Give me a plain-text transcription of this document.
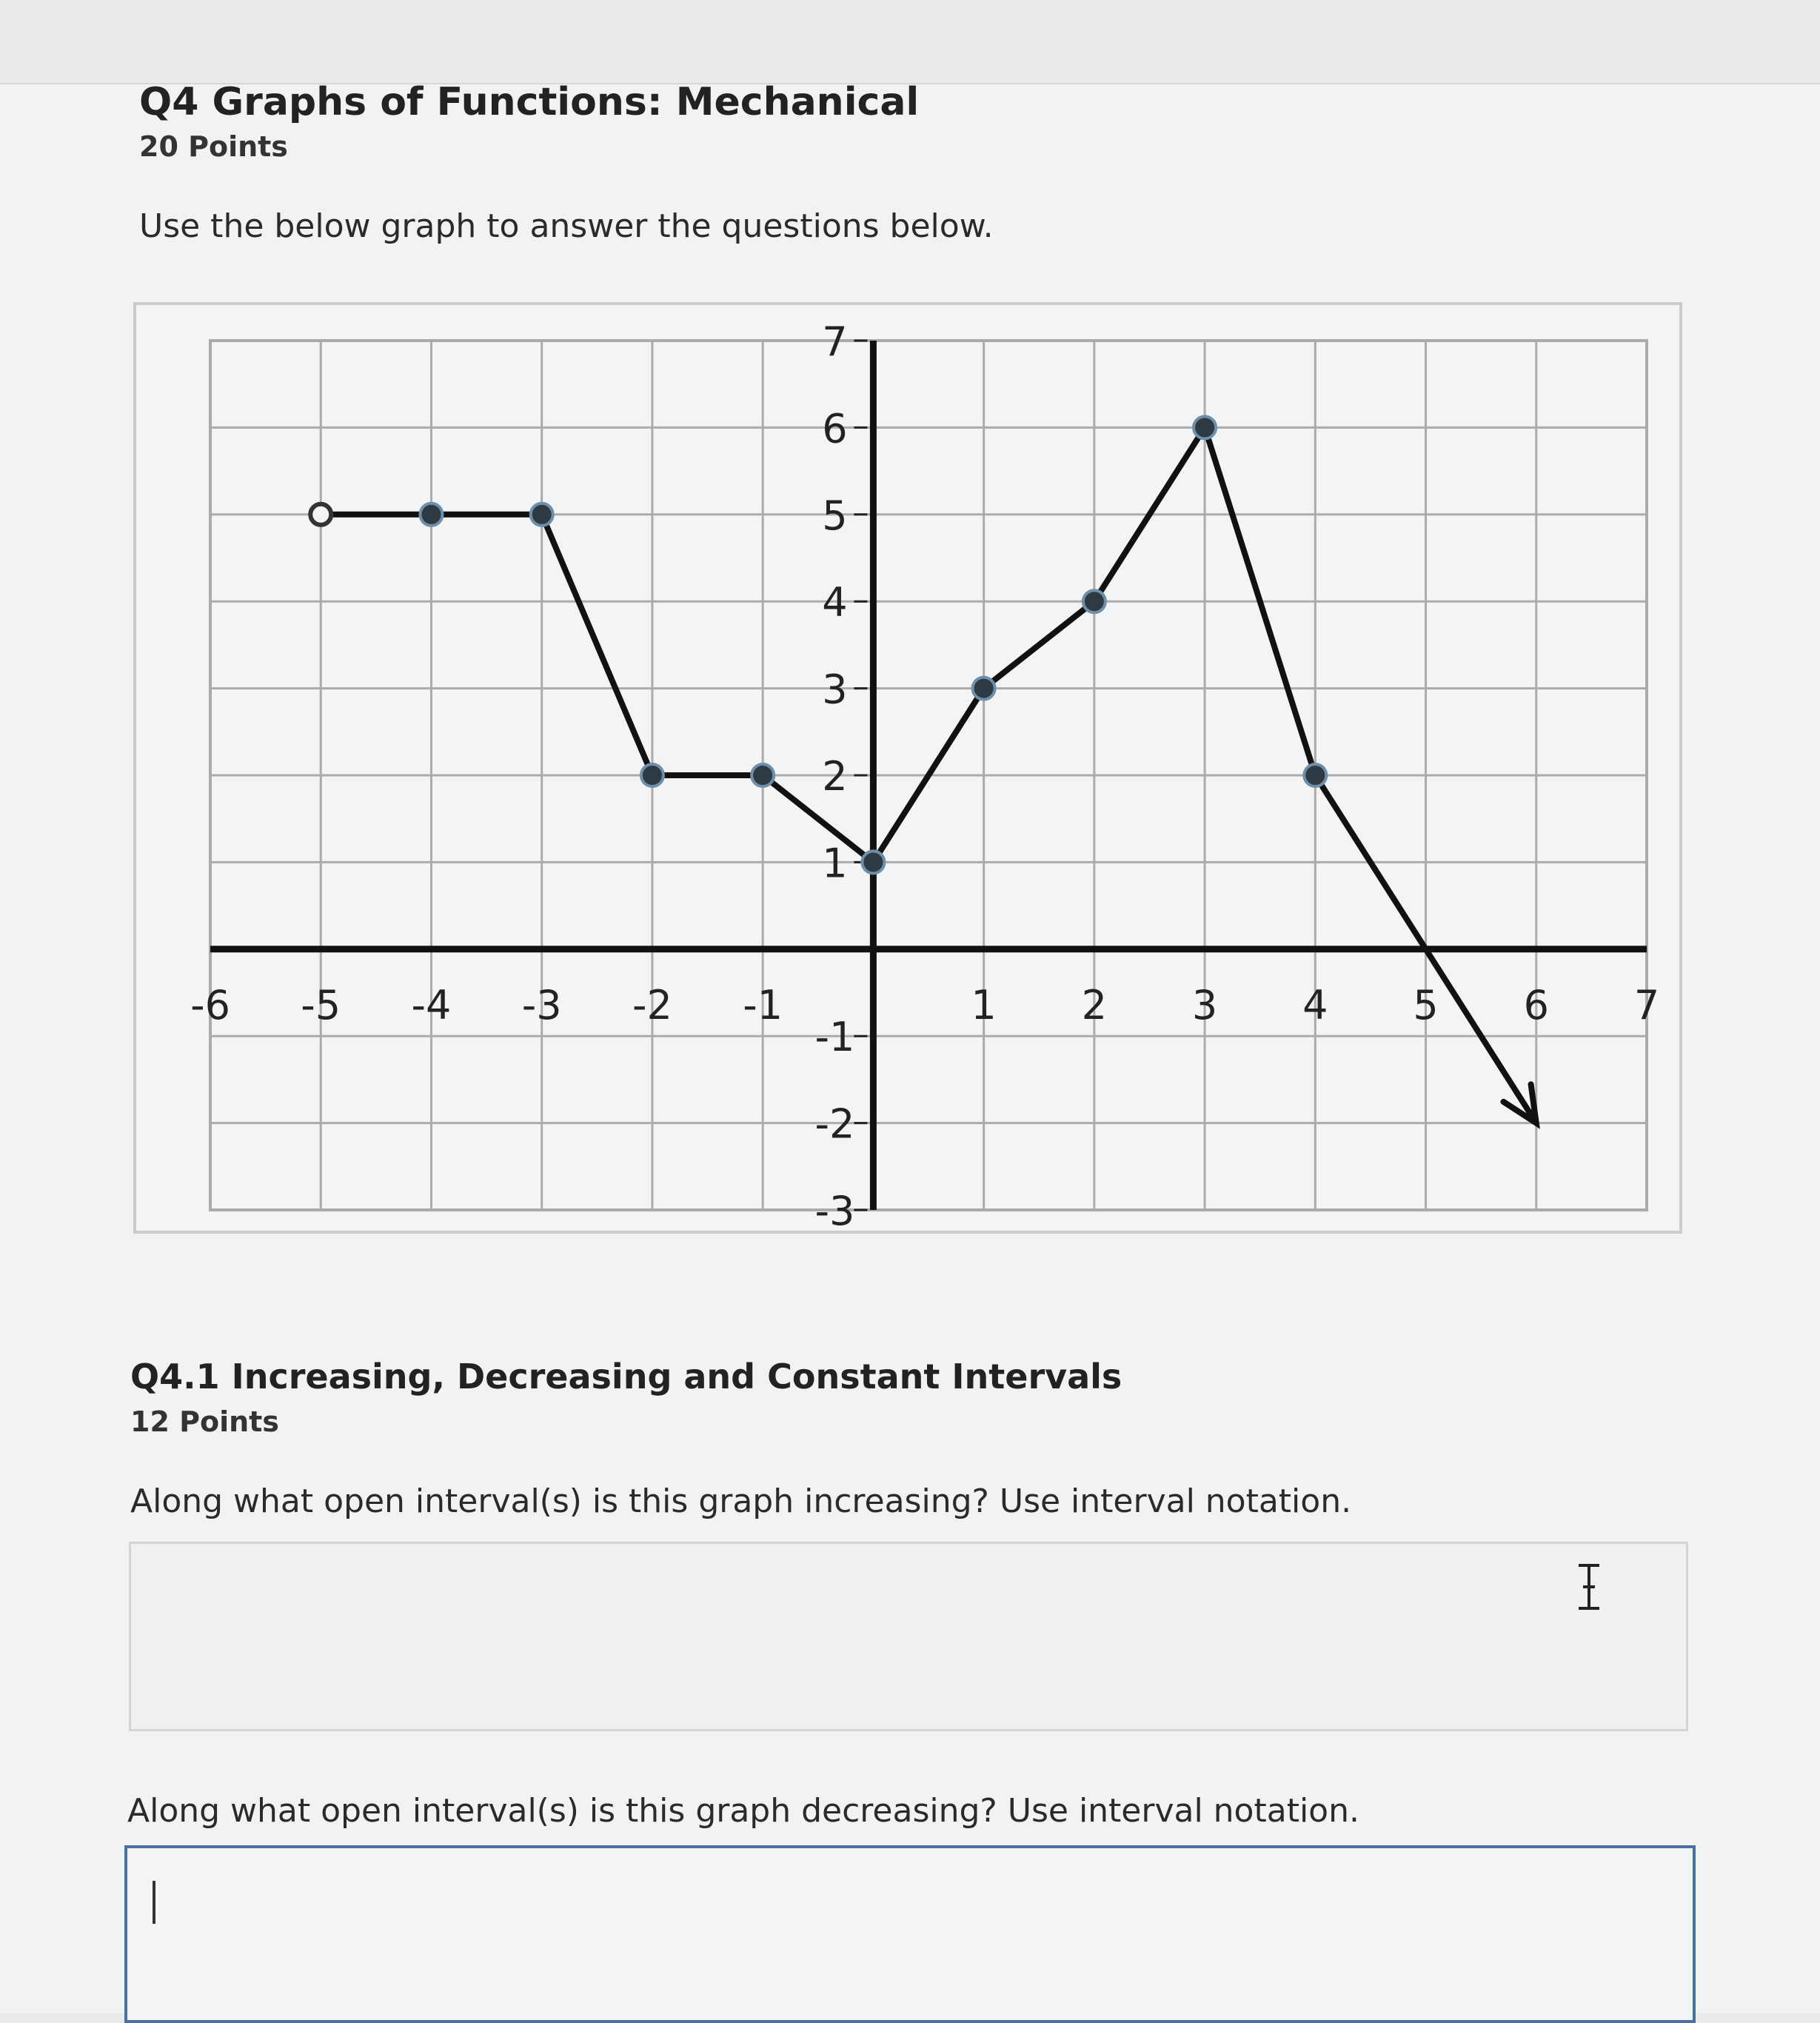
Q4 Graphs of Functions: Mechanical
20 Points
Use the below graph to answer the questions below.
-6 -5 -4 -3 -2 -1	1 2 3 4 5 6 7
7
6
5
4
3
2
1
-1
-2
-3
Q4.1 Increasing, Decreasing and Constant Intervals
12 Points
Along what open interval(s) is this graph increasing? Use interval notation.
Along what open interval(s) is this graph decreasing? Use interval notation.
